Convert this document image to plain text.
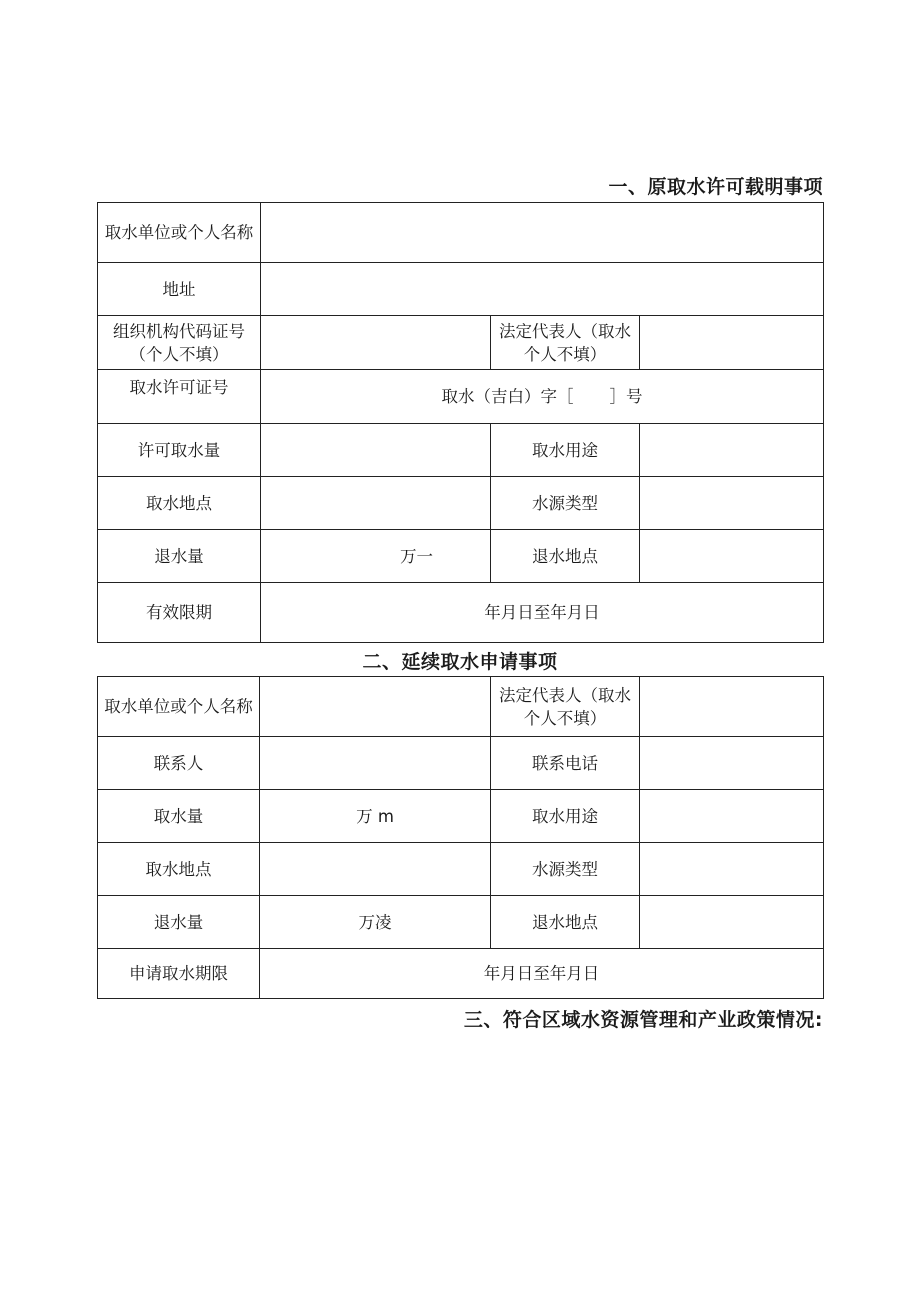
一、原取水许可载明事项
取水单位或个人名称			
地址			
组织机构代码证号（个人不填）		法定代表人（取水个人不填）	
取水许可证号	取水（吉白）字［ ］号		
许可取水量		取水用途	
取水地点		水源类型	
退水量	万一	退水地点	
有效限期	年月日至年月日		
二、延续取水申请事项
取水单位或个人名称		法定代表人（取水个人不填）	
联系人		联系电话	
取水量	万 m	取水用途	
取水地点		水源类型	
退水量	万凌	退水地点	
申请取水期限	年月日至年月日		
三、符合区域水资源管理和产业政策情况:
